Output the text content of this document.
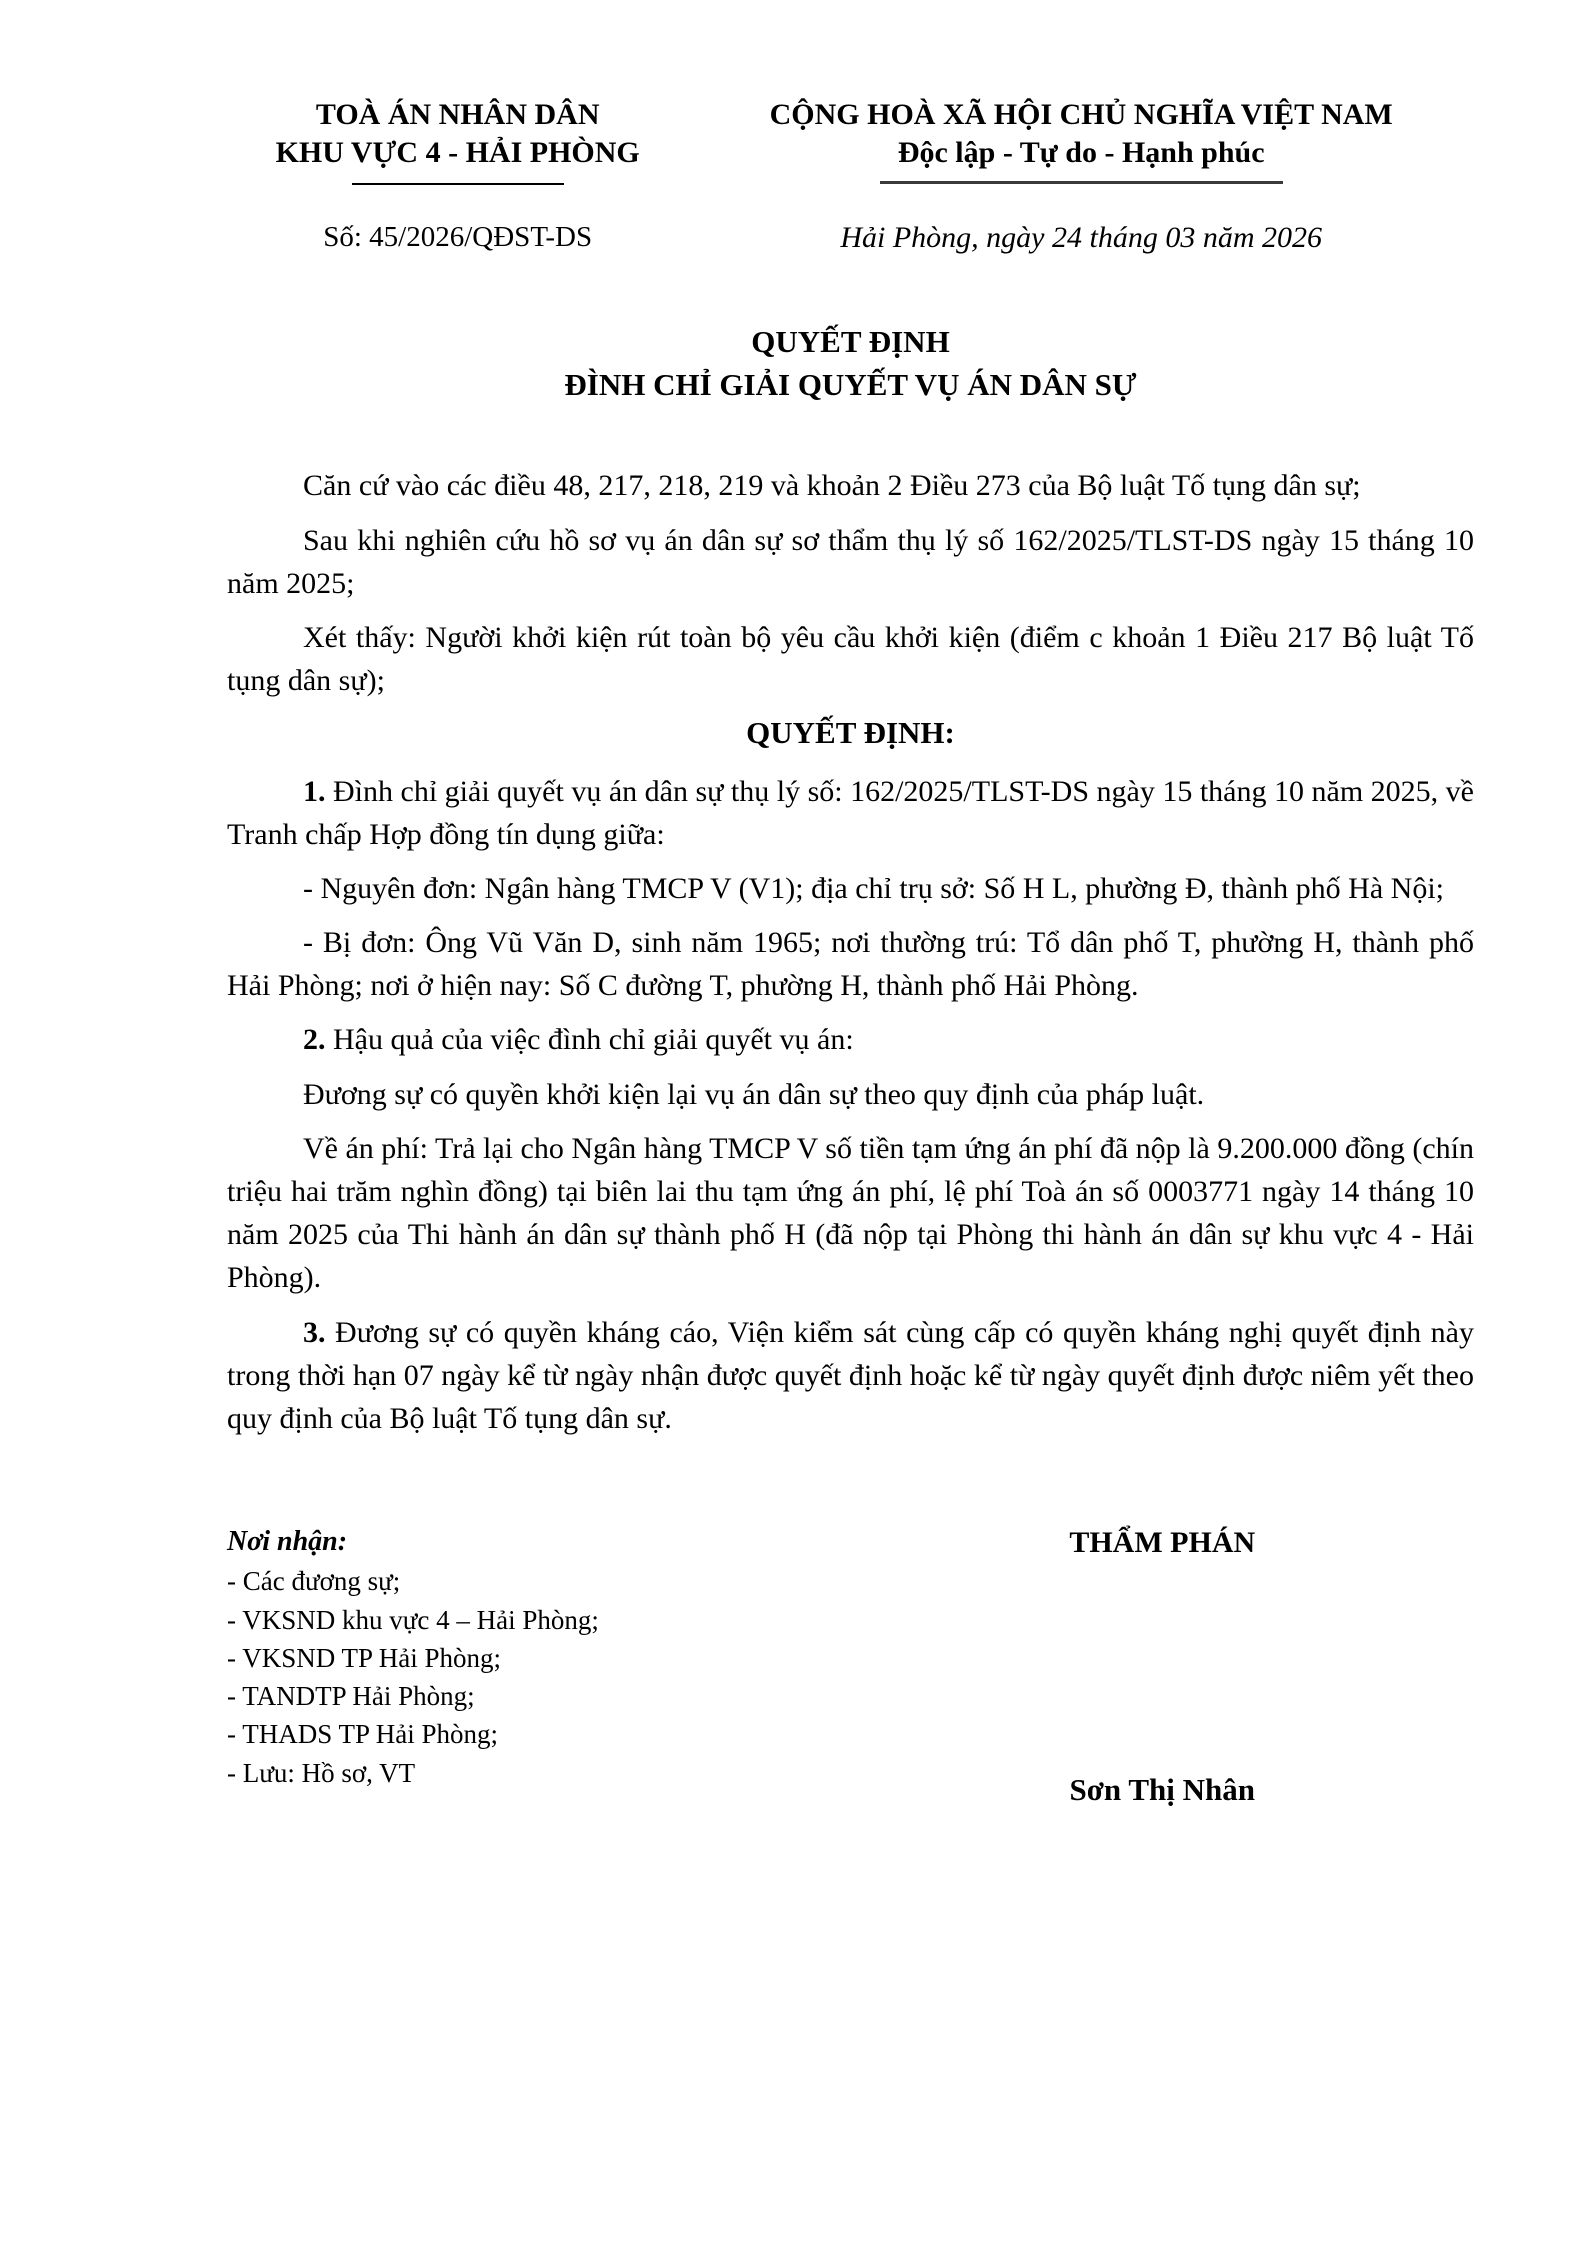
TOÀ ÁN NHÂN DÂN
KHU VỰC 4 - HẢI PHÒNG
CỘNG HOÀ XÃ HỘI CHỦ NGHĨA VIỆT NAM
Độc lập - Tự do - Hạnh phúc
Số: 45/2026/QĐST-DS	Hải Phòng, ngày 24 tháng 03 năm 2026
QUYẾT ĐỊNH
ĐÌNH CHỈ GIẢI QUYẾT VỤ ÁN DÂN SỰ

Căn cứ vào các điều 48, 217, 218, 219 và khoản 2 Điều 273 của Bộ luật Tố tụng dân sự;

Sau khi nghiên cứu hồ sơ vụ án dân sự sơ thẩm thụ lý số 162/2025/TLST-DS ngày 15 tháng 10 năm 2025;

Xét thấy: Người khởi kiện rút toàn bộ yêu cầu khởi kiện (điểm c khoản 1 Điều 217 Bộ luật Tố tụng dân sự);

QUYẾT ĐỊNH:

1. Đình chỉ giải quyết vụ án dân sự thụ lý số: 162/2025/TLST-DS ngày 15 tháng 10 năm 2025, về Tranh chấp Hợp đồng tín dụng giữa:

- Nguyên đơn: Ngân hàng TMCP V (V1); địa chỉ trụ sở: Số H L, phường Đ, thành phố Hà Nội;

- Bị đơn: Ông Vũ Văn D, sinh năm 1965; nơi thường trú: Tổ dân phố T, phường H, thành phố Hải Phòng; nơi ở hiện nay: Số C đường T, phường H, thành phố Hải Phòng.

2. Hậu quả của việc đình chỉ giải quyết vụ án:

Đương sự có quyền khởi kiện lại vụ án dân sự theo quy định của pháp luật.

Về án phí: Trả lại cho Ngân hàng TMCP V số tiền tạm ứng án phí đã nộp là 9.200.000 đồng (chín triệu hai trăm nghìn đồng) tại biên lai thu tạm ứng án phí, lệ phí Toà án số 0003771 ngày 14 tháng 10 năm 2025 của Thi hành án dân sự thành phố H (đã nộp tại Phòng thi hành án dân sự khu vực 4 - Hải Phòng).

3. Đương sự có quyền kháng cáo, Viện kiểm sát cùng cấp có quyền kháng nghị quyết định này trong thời hạn 07 ngày kể từ ngày nhận được quyết định hoặc kể từ ngày quyết định được niêm yết theo quy định của Bộ luật Tố tụng dân sự.

Nơi nhận:
- Các đương sự;
- VKSND khu vực 4 – Hải Phòng;
- VKSND TP Hải Phòng;
- TANDTP Hải Phòng;
- THADS TP Hải Phòng;
- Lưu: Hồ sơ, VT
THẨM PHÁN
Sơn Thị Nhân
